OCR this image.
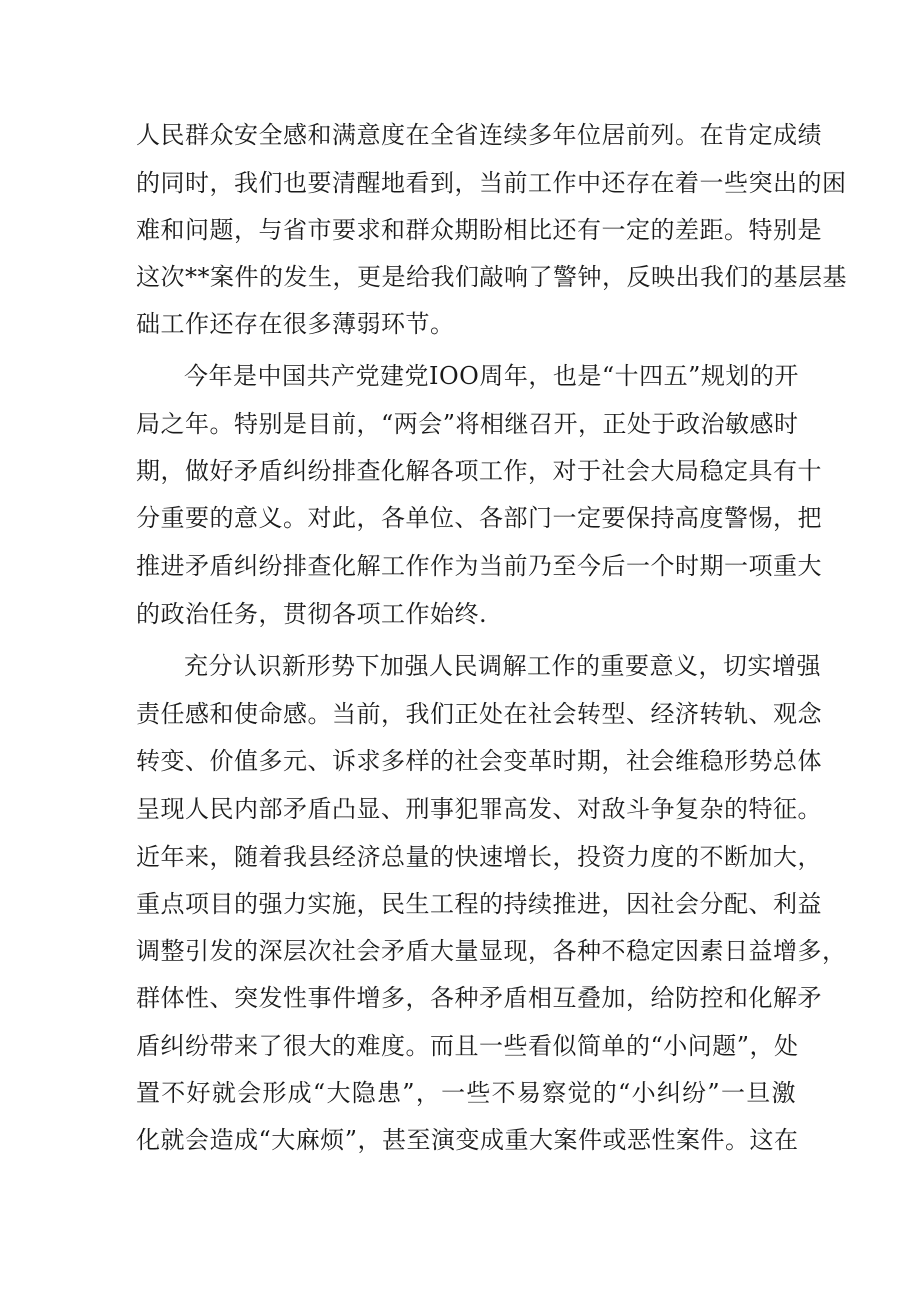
人民群众安全感和满意度在全省连续多年位居前列。在肯定成绩
的同时，我们也要清醒地看到，当前工作中还存在着一些突出的困
难和问题，与省市要求和群众期盼相比还有一定的差距。特别是
这次**案件的发生，更是给我们敲响了警钟，反映出我们的基层基
础工作还存在很多薄弱环节。
今年是中国共产党建党IOO周年，也是“十四五”规划的开
局之年。特别是目前，“两会”将相继召开，正处于政治敏感时
期，做好矛盾纠纷排查化解各项工作，对于社会大局稳定具有十
分重要的意义。对此，各单位、各部门一定要保持高度警惕，把
推进矛盾纠纷排查化解工作作为当前乃至今后一个时期一项重大
的政治任务，贯彻各项工作始终.
充分认识新形势下加强人民调解工作的重要意义，切实增强
责任感和使命感。当前，我们正处在社会转型、经济转轨、观念
转变、价值多元、诉求多样的社会变革时期，社会维稳形势总体
呈现人民内部矛盾凸显、刑事犯罪高发、对敌斗争复杂的特征。
近年来，随着我县经济总量的快速增长，投资力度的不断加大，
重点项目的强力实施，民生工程的持续推进，因社会分配、利益
调整引发的深层次社会矛盾大量显现，各种不稳定因素日益增多，
群体性、突发性事件增多，各种矛盾相互叠加，给防控和化解矛
盾纠纷带来了很大的难度。而且一些看似简单的“小问题”，处
置不好就会形成“大隐患”，一些不易察觉的“小纠纷”一旦激
化就会造成“大麻烦”，甚至演变成重大案件或恶性案件。这在
